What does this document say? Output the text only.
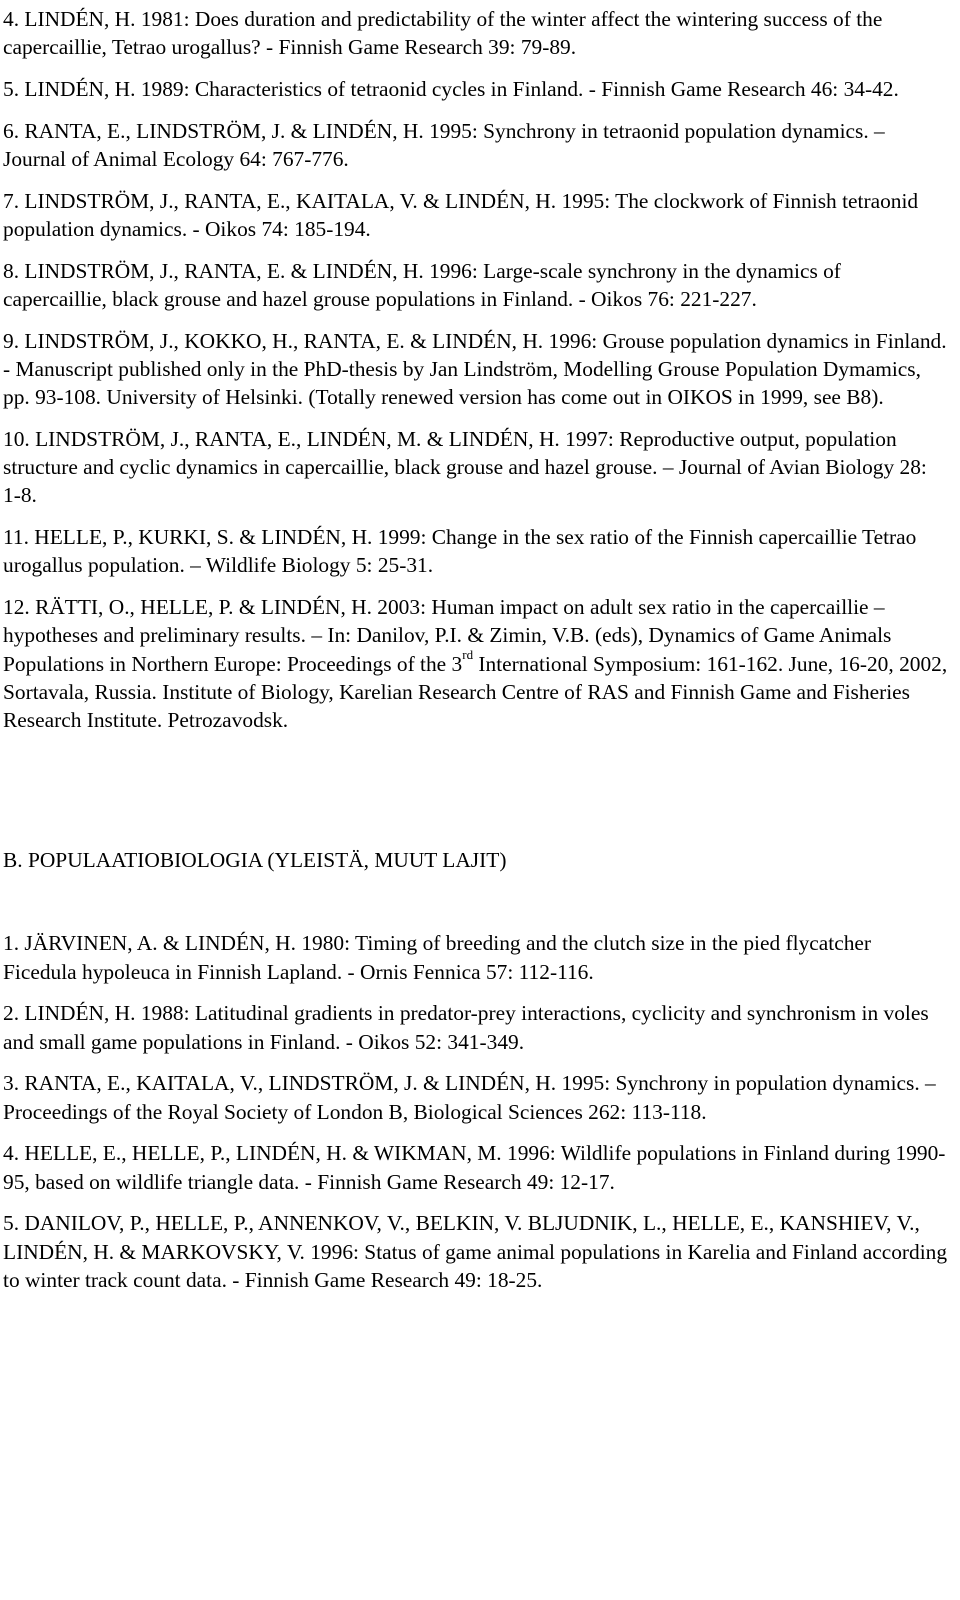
4. LINDÉN, H. 1981: Does duration and predictability of the winter affect the wintering success of the capercaillie, Tetrao urogallus? - Finnish Game Research 39: 79-89.

5. LINDÉN, H. 1989: Characteristics of tetraonid cycles in Finland. - Finnish Game Research 46: 34-42.

6. RANTA, E., LINDSTRÖM, J. & LINDÉN, H. 1995: Synchrony in tetraonid population dynamics. – Journal of Animal Ecology 64: 767-776.

7. LINDSTRÖM, J., RANTA, E., KAITALA, V. & LINDÉN, H. 1995: The clockwork of Finnish tetraonid population dynamics. - Oikos 74: 185-194.

8. LINDSTRÖM, J., RANTA, E. & LINDÉN, H. 1996: Large-scale synchrony in the dynamics of capercaillie, black grouse and hazel grouse populations in Finland. - Oikos 76: 221-227.

9. LINDSTRÖM, J., KOKKO, H., RANTA, E. & LINDÉN, H. 1996: Grouse population dynamics in Finland. - Manuscript published only in the PhD-thesis by Jan Lindström, Modelling Grouse Population Dymamics, pp. 93-108. University of Helsinki. (Totally renewed version has come out in OIKOS in 1999, see B8).

10. LINDSTRÖM, J., RANTA, E., LINDÉN, M. & LINDÉN, H. 1997: Reproductive output, population structure and cyclic dynamics in capercaillie, black grouse and hazel grouse. – Journal of Avian Biology 28: 1-8.

11. HELLE, P., KURKI, S. & LINDÉN, H. 1999: Change in the sex ratio of the Finnish capercaillie Tetrao urogallus population. – Wildlife Biology 5: 25-31.

12. RÄTTI, O., HELLE, P. & LINDÉN, H. 2003: Human impact on adult sex ratio in the capercaillie – hypotheses and preliminary results. – In: Danilov, P.I. & Zimin, V.B. (eds), Dynamics of Game Animals Populations in Northern Europe: Proceedings of the 3rd International Symposium: 161-162. June, 16-20, 2002, Sortavala, Russia. Institute of Biology, Karelian Research Centre of RAS and Finnish Game and Fisheries Research Institute. Petrozavodsk.

B. POPULAATIOBIOLOGIA (YLEISTÄ, MUUT LAJIT)

1. JÄRVINEN, A. & LINDÉN, H. 1980: Timing of breeding and the clutch size in the pied flycatcher Ficedula hypoleuca in Finnish Lapland. - Ornis Fennica 57: 112-116.

2. LINDÉN, H. 1988: Latitudinal gradients in predator-prey interactions, cyclicity and synchronism in voles and small game populations in Finland. - Oikos 52: 341-349.

3. RANTA, E., KAITALA, V., LINDSTRÖM, J. & LINDÉN, H. 1995: Synchrony in population dynamics. – Proceedings of the Royal Society of London B, Biological Sciences 262: 113-118.

4. HELLE, E., HELLE, P., LINDÉN, H. & WIKMAN, M. 1996: Wildlife populations in Finland during 1990-95, based on wildlife triangle data. - Finnish Game Research 49: 12-17.

5. DANILOV, P., HELLE, P., ANNENKOV, V., BELKIN, V. BLJUDNIK, L., HELLE, E., KANSHIEV, V., LINDÉN, H. & MARKOVSKY, V. 1996: Status of game animal populations in Karelia and Finland according to winter track count data. - Finnish Game Research 49: 18-25.
